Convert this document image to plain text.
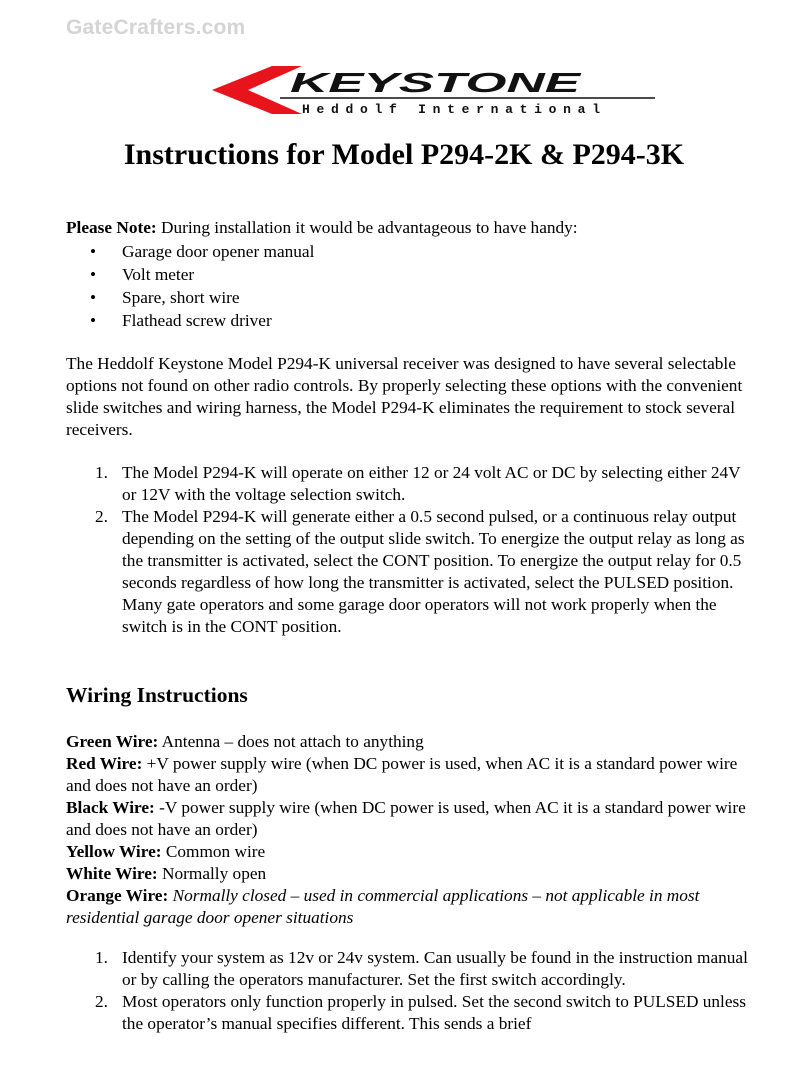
GateCrafters.com
KEYSTONE
Heddolf International
Instructions for Model P294-2K & P294-3K

Please Note: During installation it would be advantageous to have handy:

• Garage door opener manual
• Volt meter
• Spare, short wire
• Flathead screw driver

The Heddolf Keystone Model P294-K universal receiver was designed to have several selectable options not found on other radio controls. By properly selecting these options with the convenient slide switches and wiring harness, the Model P294-K eliminates the requirement to stock several receivers.

1. The Model P294-K will operate on either 12 or 24 volt AC or DC by selecting either 24V or 12V with the voltage selection switch.
2. The Model P294-K will generate either a 0.5 second pulsed, or a continuous relay output depending on the setting of the output slide switch. To energize the output relay as long as the transmitter is activated, select the CONT position. To energize the output relay for 0.5 seconds regardless of how long the transmitter is activated, select the PULSED position. Many gate operators and some garage door operators will not work properly when the switch is in the CONT position.
Wiring Instructions

Green Wire: Antenna – does not attach to anything

Red Wire: +V power supply wire (when DC power is used, when AC it is a standard power wire and does not have an order)

Black Wire: -V power supply wire (when DC power is used, when AC it is a standard power wire and does not have an order)

Yellow Wire: Common wire

White Wire: Normally open

Orange Wire: Normally closed – used in commercial applications – not applicable in most residential garage door opener situations

1. Identify your system as 12v or 24v system. Can usually be found in the instruction manual or by calling the operators manufacturer. Set the first switch accordingly.
2. Most operators only function properly in pulsed. Set the second switch to PULSED unless the operator’s manual specifies different. This sends a brief
